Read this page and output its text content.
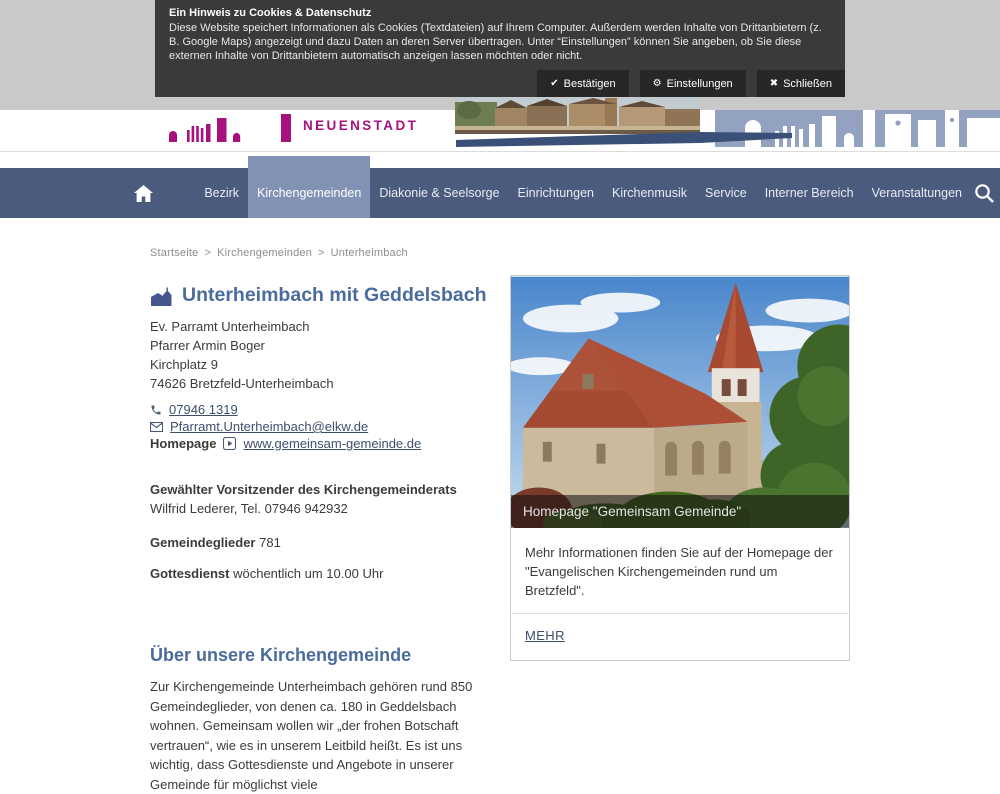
NEUENSTADT
Bezirk	Kirchengemeinden	Diakonie & Seelsorge	Einrichtungen	Kirchenmusik	Service	Interner Bereich	Veranstaltungen
Startseite > Kirchengemeinden > Unterheimbach
Unterheimbach mit Geddelsbach
Ev. Parramt Unterheimbach
Pfarrer Armin Boger
Kirchplatz 9
74626 Bretzfeld-Unterheimbach
07946 1319
Pfarramt.Unterheimbach@elkw.de
Homepage www.gemeinsam-gemeinde.de
Gewählter Vorsitzender des Kirchengemeinderats
Wilfrid Lederer, Tel. 07946 942932
Gemeindeglieder 781
Gottesdienst wöchentlich um 10.00 Uhr
Über unsere Kirchengemeinde

Zur Kirchengemeinde Unterheimbach gehören rund 850 Gemeindeglieder, von denen ca. 180 in Geddelsbach wohnen. Gemeinsam wollen wir „der frohen Botschaft vertrauen“, wie es in unserem Leitbild heißt. Es ist uns wichtig, dass Gottesdienste und Angebote in unserer Gemeinde für möglichst viele

Homepage "Gemeinsam Gemeinde"
Mehr Informationen finden Sie auf der Homepage der "Evangelischen Kirchengemeinden rund um Bretzfeld".
MEHR
Ein Hinweis zu Cookies & Datenschutz
Diese Website speichert Informationen als Cookies (Textdateien) auf Ihrem Computer. Außerdem werden Inhalte von Drittanbietern (z. B. Google Maps) angezeigt und dazu Daten an deren Server übertragen. Unter “Einstellungen” können Sie angeben, ob Sie diese externen Inhalte von Drittanbietern automatisch anzeigen lassen möchten oder nicht.
✔ Bestätigen	⚙ Einstellungen	✖ Schließen
